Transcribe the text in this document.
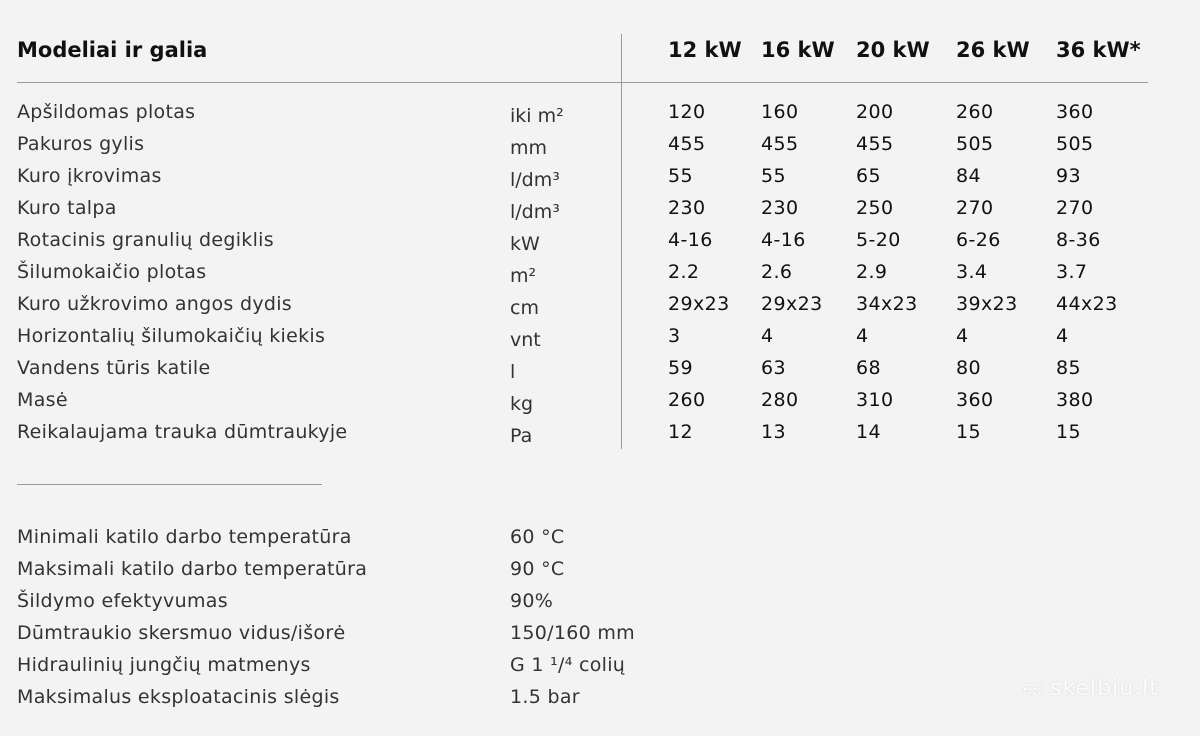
Modeliai ir galia	12 kW 16 kW 20 kW 26 kW 36 kW*
Apšildomas plotas	iki m²	120	160	200	260	360
Pakuros gylis	mm	455	455	455	505	505
Kuro įkrovimas	l/dm³	55	55	65	84	93
Kuro talpa	l/dm³	230	230	250	270	270
Rotacinis granulių degiklis	kW	4-16	4-16	5-20	6-26	8-36
Šilumokaičio plotas	m²	2.2	2.6	2.9	3.4	3.7
Kuro užkrovimo angos dydis	cm	29x23 29x23 34x23 39x23 44x23
Horizontalių šilumokaičių kiekis	vnt	3	4	4	4	4
Vandens tūris katile	l	59	63	68	80	85
Masė	kg	260	280	310	360	380
Reikalaujama trauka dūmtraukyje	Pa	12	13	14	15	15
Minimali katilo darbo temperatūra	60 °C
Maksimali katilo darbo temperatūra	90 °C
Šildymo efektyvumas	90%
Dūmtraukio skersmuo vidus/išorė	150/160 mm
Hidraulinių jungčių matmenys	G 1 ¹/⁴ colių
Maksimalus eksploatacinis slėgis	1.5 bar	skelbiu.lt
